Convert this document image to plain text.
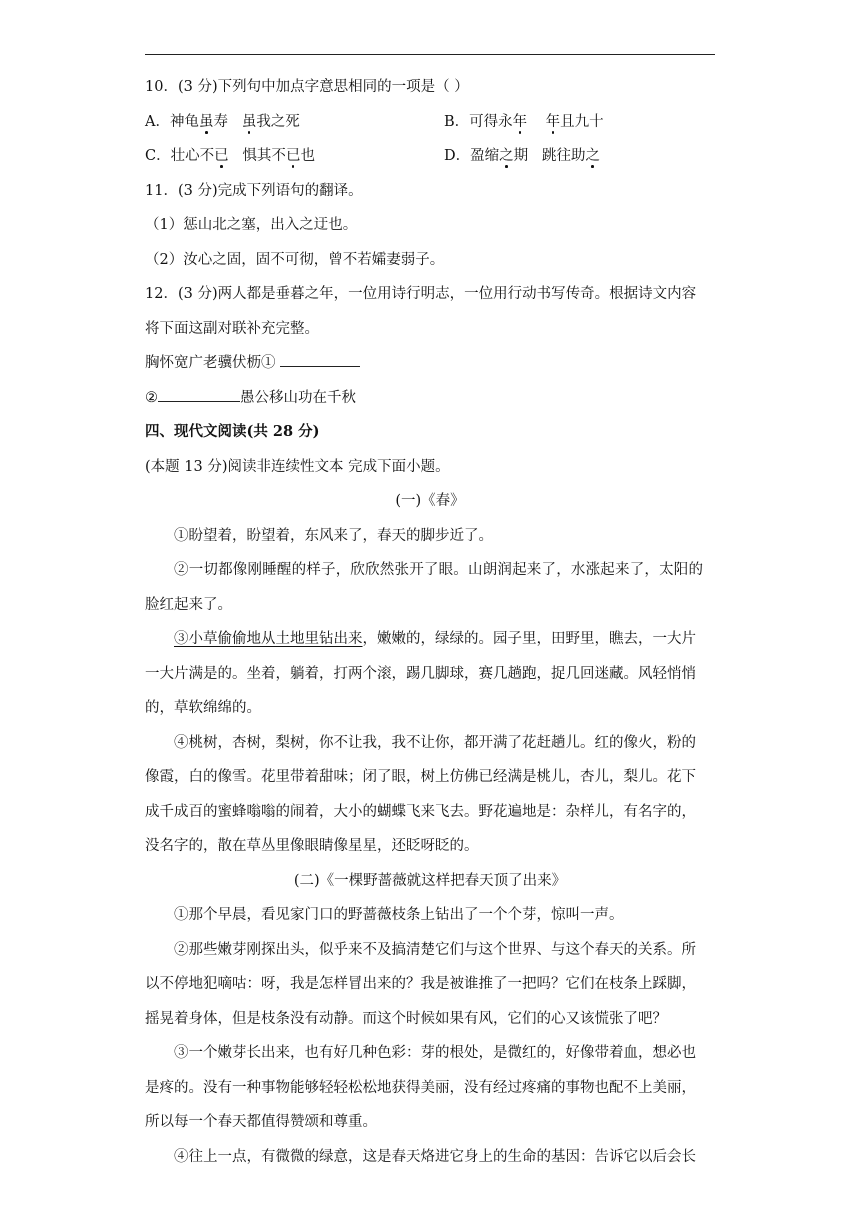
10．(3 分)下列句中加点字意思相同的一项是（ ）
A．神龟虽寿   虽我之死	B．可得永年 年且九十
C．壮心不已   惧其不已也	D．盈缩之期   跳往助之
11．(3 分)完成下列语句的翻译。
（1）惩山北之塞，出入之迂也。
（2）汝心之固，固不可彻，曾不若孀妻弱子。
12．(3 分)两人都是垂暮之年，一位用诗行明志，一位用行动书写传奇。根据诗文内容
将下面这副对联补充完整。
胸怀宽广老骥伏枥①
②	愚公移山功在千秋
四、现代文阅读(共 28 分)
(本题 13 分)阅读非连续性文本 完成下面小题。
(一)《春》
①盼望着，盼望着，东风来了，春天的脚步近了。
②一切都像刚睡醒的样子，欣欣然张开了眼。山朗润起来了，水涨起来了，太阳的
脸红起来了。
③小草偷偷地从土地里钻出来，嫩嫩的，绿绿的。园子里，田野里，瞧去，一大片
一大片满是的。坐着，躺着，打两个滚，踢几脚球，赛几趟跑，捉几回迷藏。风轻悄悄
的，草软绵绵的。
④桃树，杏树，梨树，你不让我，我不让你，都开满了花赶趟儿。红的像火，粉的
像霞，白的像雪。花里带着甜味；闭了眼，树上仿佛已经满是桃儿，杏儿，梨儿。花下
成千成百的蜜蜂嗡嗡的闹着，大小的蝴蝶飞来飞去。野花遍地是：杂样儿，有名字的，
没名字的，散在草丛里像眼睛像星星，还眨呀眨的。
(二)《一棵野蔷薇就这样把春天顶了出来》
①那个早晨，看见家门口的野蔷薇枝条上钻出了一个个芽，惊叫一声。
②那些嫩芽刚探出头，似乎来不及搞清楚它们与这个世界、与这个春天的关系。所
以不停地犯嘀咕：呀，我是怎样冒出来的？我是被谁推了一把吗？它们在枝条上踩脚，
摇晃着身体，但是枝条没有动静。而这个时候如果有风，它们的心又该慌张了吧？
③一个嫩芽长出来，也有好几种色彩：芽的根处，是微红的，好像带着血，想必也
是疼的。没有一种事物能够轻轻松松地获得美丽，没有经过疼痛的事物也配不上美丽，
所以每一个春天都值得赞颂和尊重。
④往上一点，有微微的绿意，这是春天烙进它身上的生命的基因：告诉它以后会长
